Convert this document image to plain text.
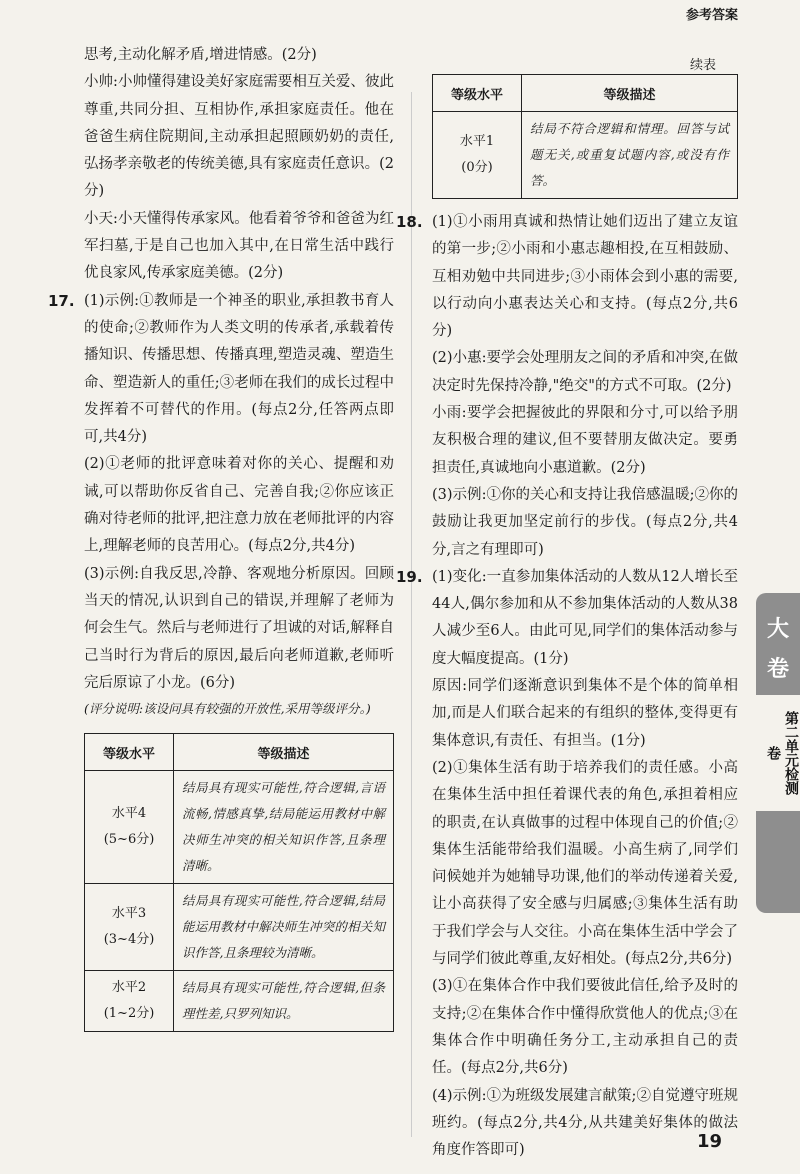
参考答案
续表

思考,主动化解矛盾,增进情感。(2分)

小帅:小帅懂得建设美好家庭需要相互关爱、彼此尊重,共同分担、互相协作,承担家庭责任。他在爸爸生病住院期间,主动承担起照顾奶奶的责任,弘扬孝亲敬老的传统美德,具有家庭责任意识。(2分)

小天:小天懂得传承家风。他看着爷爷和爸爸为红军扫墓,于是自己也加入其中,在日常生活中践行优良家风,传承家庭美德。(2分)

17. (1)示例:①教师是一个神圣的职业,承担教书育人的使命;②教师作为人类文明的传承者,承载着传播知识、传播思想、传播真理,塑造灵魂、塑造生命、塑造新人的重任;③老师在我们的成长过程中发挥着不可替代的作用。(每点2分,任答两点即可,共4分)

(2)①老师的批评意味着对你的关心、提醒和劝诫,可以帮助你反省自己、完善自我;②你应该正确对待老师的批评,把注意力放在老师批评的内容上,理解老师的良苦用心。(每点2分,共4分)

(3)示例:自我反思,冷静、客观地分析原因。回顾当天的情况,认识到自己的错误,并理解了老师为何会生气。然后与老师进行了坦诚的对话,解释自己当时行为背后的原因,最后向老师道歉,老师听完后原谅了小龙。(6分)

(评分说明:该设问具有较强的开放性,采用等级评分。)

等级水平	等级描述
水平4
(5~6分)	结局具有现实可能性,符合逻辑,言语流畅,情感真挚,结局能运用教材中解决师生冲突的相关知识作答,且条理清晰。
水平3
(3~4分)	结局具有现实可能性,符合逻辑,结局能运用教材中解决师生冲突的相关知识作答,且条理较为清晰。
水平2
(1~2分)	结局具有现实可能性,符合逻辑,但条理性差,只罗列知识。
等级水平	等级描述
水平1
(0分)	结局不符合逻辑和情理。回答与试题无关,或重复试题内容,或没有作答。
18. (1)①小雨用真诚和热情让她们迈出了建立友谊的第一步;②小雨和小惠志趣相投,在互相鼓励、互相劝勉中共同进步;③小雨体会到小惠的需要,以行动向小惠表达关心和支持。(每点2分,共6分)

(2)小惠:要学会处理朋友之间的矛盾和冲突,在做决定时先保持冷静,"绝交"的方式不可取。(2分)

小雨:要学会把握彼此的界限和分寸,可以给予朋友积极合理的建议,但不要替朋友做决定。要勇担责任,真诚地向小惠道歉。(2分)

(3)示例:①你的关心和支持让我倍感温暖;②你的鼓励让我更加坚定前行的步伐。(每点2分,共4分,言之有理即可)

19. (1)变化:一直参加集体活动的人数从12人增长至44人,偶尔参加和从不参加集体活动的人数从38人减少至6人。由此可见,同学们的集体活动参与度大幅度提高。(1分)

原因:同学们逐渐意识到集体不是个体的简单相加,而是人们联合起来的有组织的整体,变得更有集体意识,有责任、有担当。(1分)

(2)①集体生活有助于培养我们的责任感。小高在集体生活中担任着课代表的角色,承担着相应的职责,在认真做事的过程中体现自己的价值;②集体生活能带给我们温暖。小高生病了,同学们问候她并为她辅导功课,他们的举动传递着关爱,让小高获得了安全感与归属感;③集体生活有助于我们学会与人交往。小高在集体生活中学会了与同学们彼此尊重,友好相处。(每点2分,共6分)

(3)①在集体合作中我们要彼此信任,给予及时的支持;②在集体合作中懂得欣赏他人的优点;③在集体合作中明确任务分工,主动承担自己的责任。(每点2分,共6分)

(4)示例:①为班级发展建言献策;②自觉遵守班规班约。(每点2分,共4分,从共建美好集体的做法角度作答即可)

大
卷
第二单元检测卷
19
